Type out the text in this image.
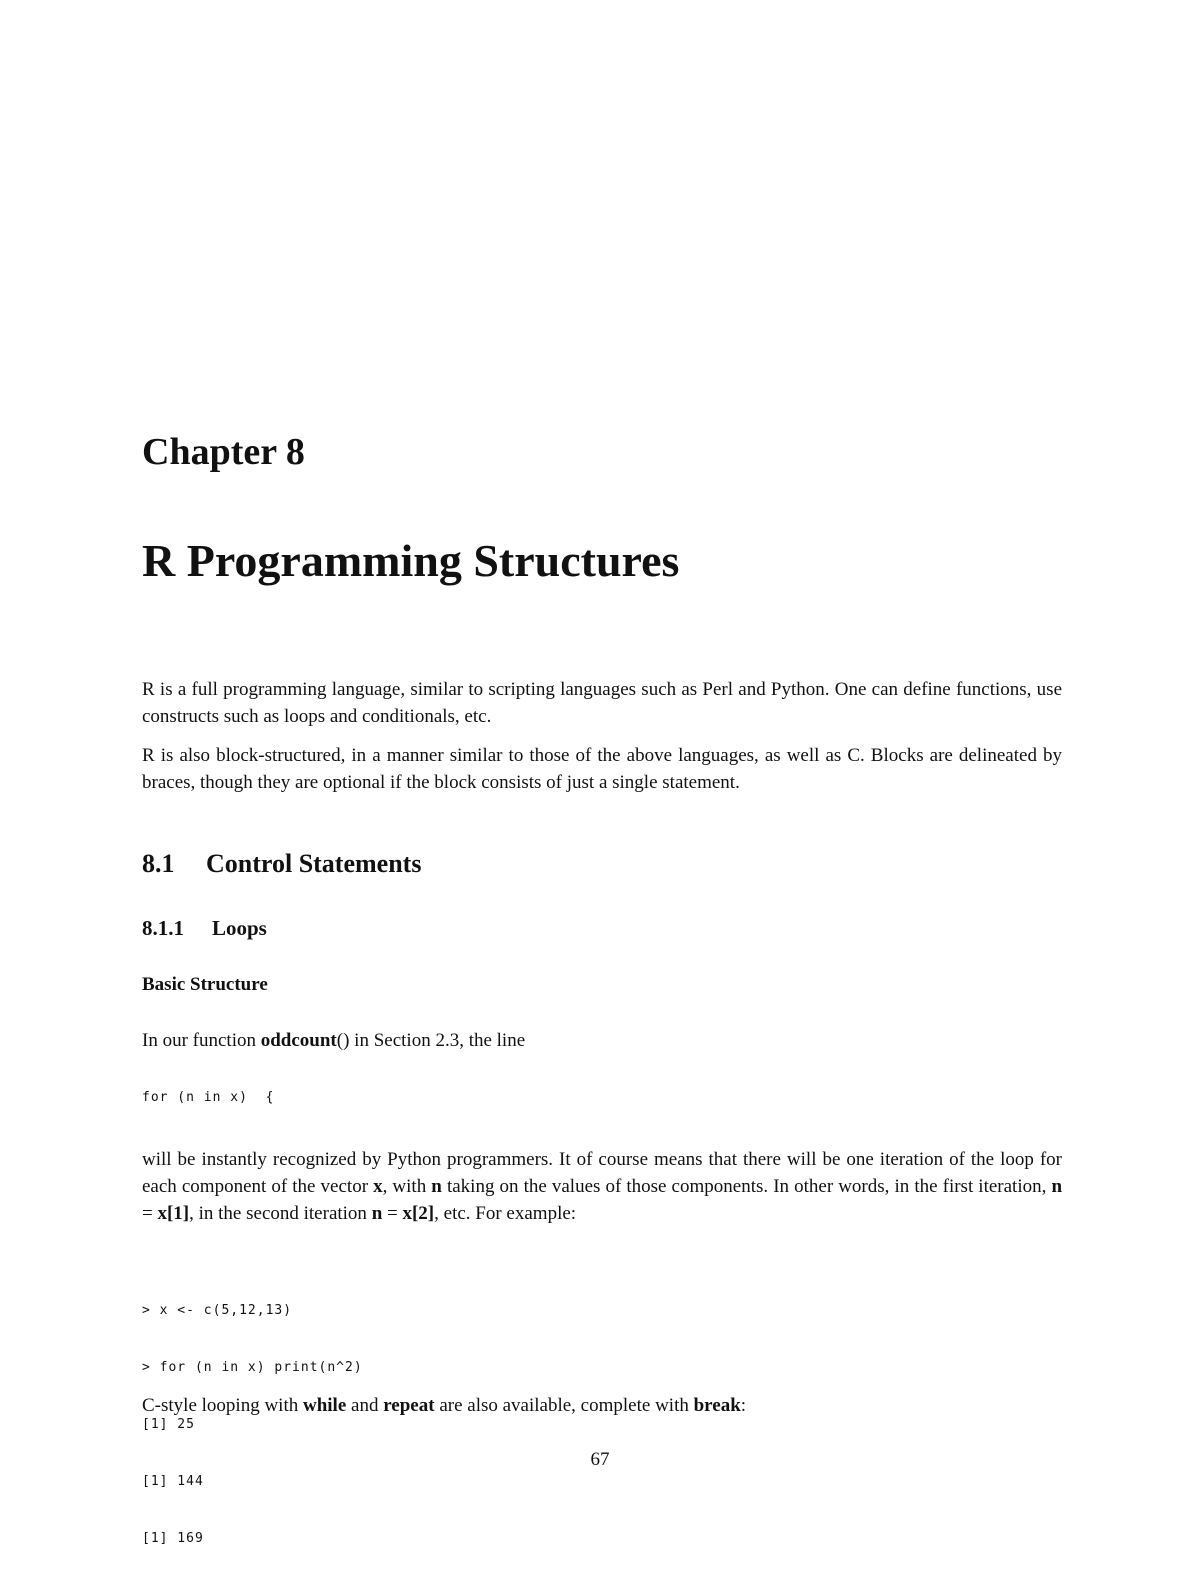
Chapter 8
R Programming Structures

R is a full programming language, similar to scripting languages such as Perl and Python. One can define functions, use constructs such as loops and conditionals, etc.

R is also block-structured, in a manner similar to those of the above languages, as well as C. Blocks are delineated by braces, though they are optional if the block consists of just a single statement.

8.1 Control Statements
8.1.1 Loops
Basic Structure

In our function oddcount() in Section 2.3, the line

for (n in x)  {

will be instantly recognized by Python programmers. It of course means that there will be one iteration of the loop for each component of the vector x, with n taking on the values of those components. In other words, in the first iteration, n = x[1], in the second iteration n = x[2], etc. For example:

> x <- c(5,12,13)

> for (n in x) print(n^2)

[1] 25

[1] 144

[1] 169

C-style looping with while and repeat are also available, complete with break:

67
